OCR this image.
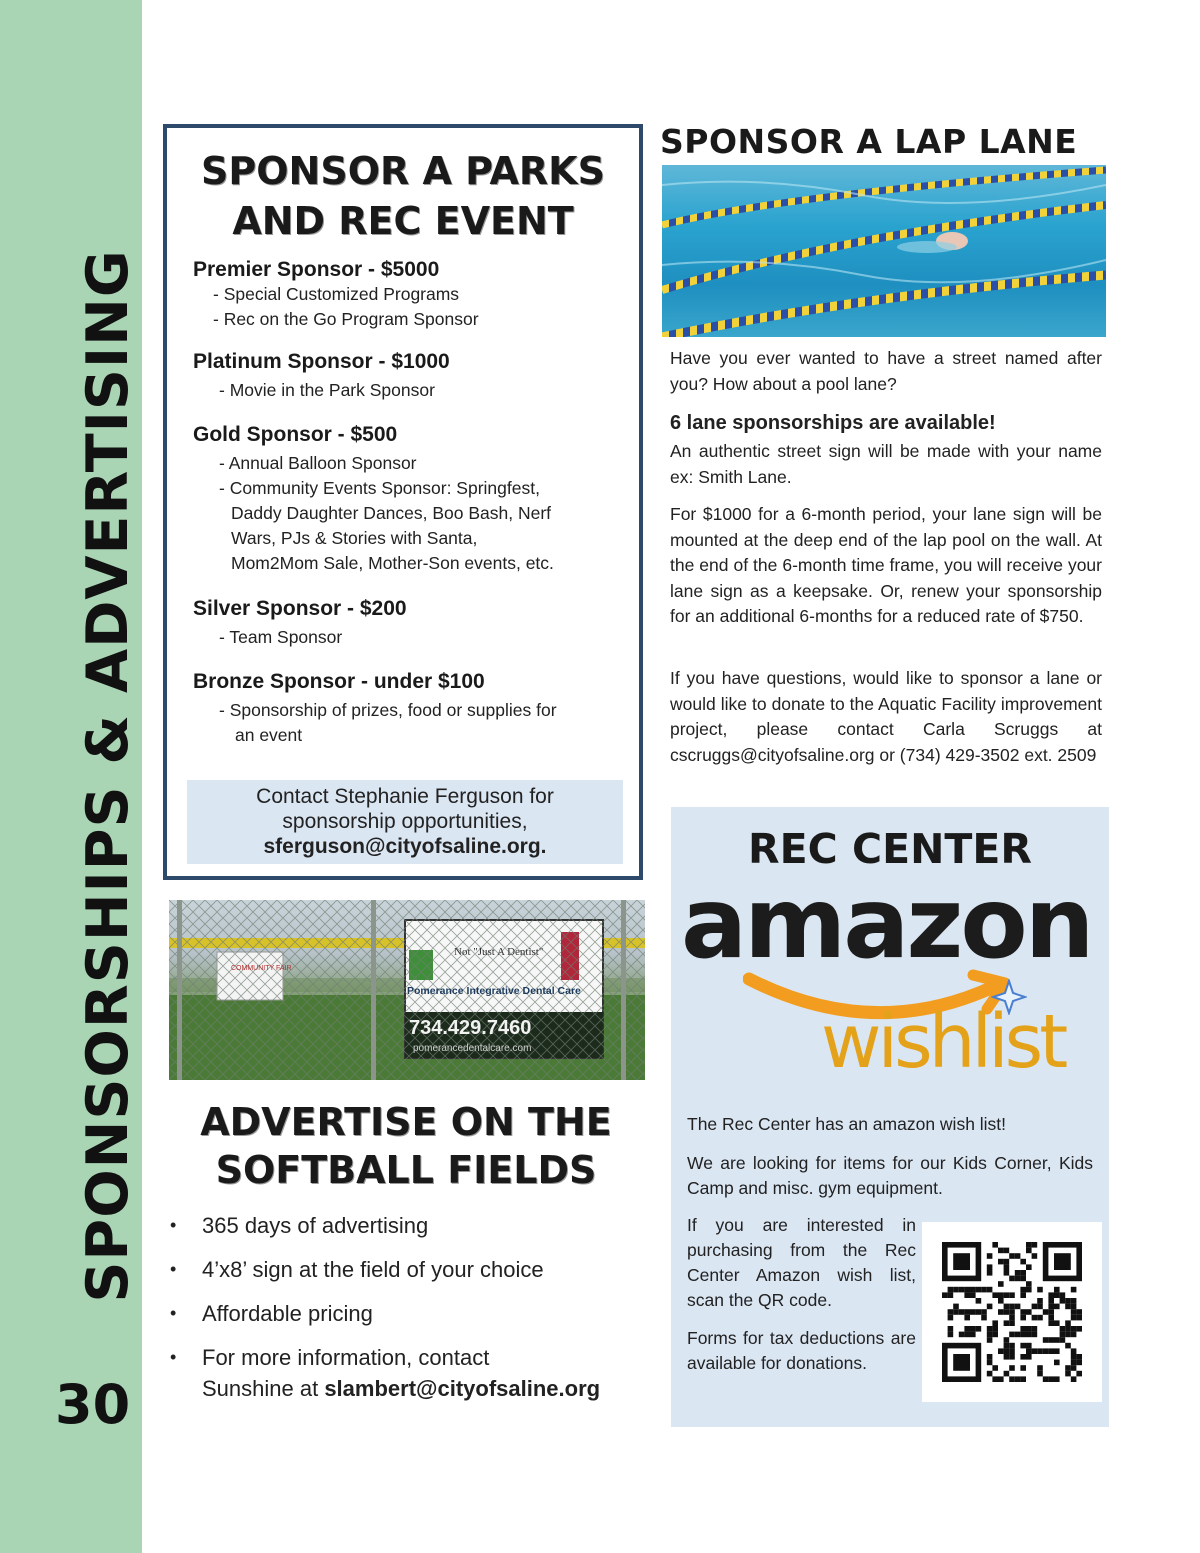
SPONSORSHIPS & ADVERTISING
30
SPONSOR A PARKS
AND REC EVENT
Premier Sponsor - $5000
- Special Customized Programs
- Rec on the Go Program Sponsor
Platinum Sponsor - $1000
- Movie in the Park Sponsor
Gold Sponsor - $500
- Annual Balloon Sponsor
- Community Events Sponsor: Springfest,
Daddy Daughter Dances, Boo Bash, Nerf
Wars, PJs & Stories with Santa,
Mom2Mom Sale, Mother-Son events, etc.
Silver Sponsor - $200
- Team Sponsor
Bronze Sponsor - under $100
- Sponsorship of prizes, food or supplies for
an event
Contact Stephanie Ferguson for
sponsorship opportunities,
sferguson@cityofsaline.org.
SPONSOR A LAP LANE
Have you ever wanted to have a street named after you? How about a pool lane?
6 lane sponsorships are available!
An authentic street sign will be made with your name ex: Smith Lane.
For $1000 for a 6-month period, your lane sign will be mounted at the deep end of the lap pool on the wall. At the end of the 6-month time frame, you will receive your lane sign as a keepsake. Or, renew your sponsorship for an additional 6-months for a reduced rate of $750.
If you have questions, would like to sponsor a lane or would like to donate to the Aquatic Facility improvement project, please contact Carla Scruggs at cscruggs@cityofsaline.org or (734) 429-3502 ext. 2509
REC CENTER
amazon
wishlist
The Rec Center has an amazon wish list!
We are looking for items for our Kids Corner, Kids Camp and misc. gym equipment.
If you are interested in purchasing from the Rec Center Amazon wish list, scan the QR code.
Forms for tax deductions are available for donations.
COMMUNITY FAIR
Not "Just A Dentist"
Pomerance Integrative Dental Care
734.429.7460
pomerancedentalcare.com
ADVERTISE ON THE
SOFTBALL FIELDS
• 365 days of advertising
• 4’x8’ sign at the field of your choice
• Affordable pricing
• For more information, contact
Sunshine at slambert@cityofsaline.org
